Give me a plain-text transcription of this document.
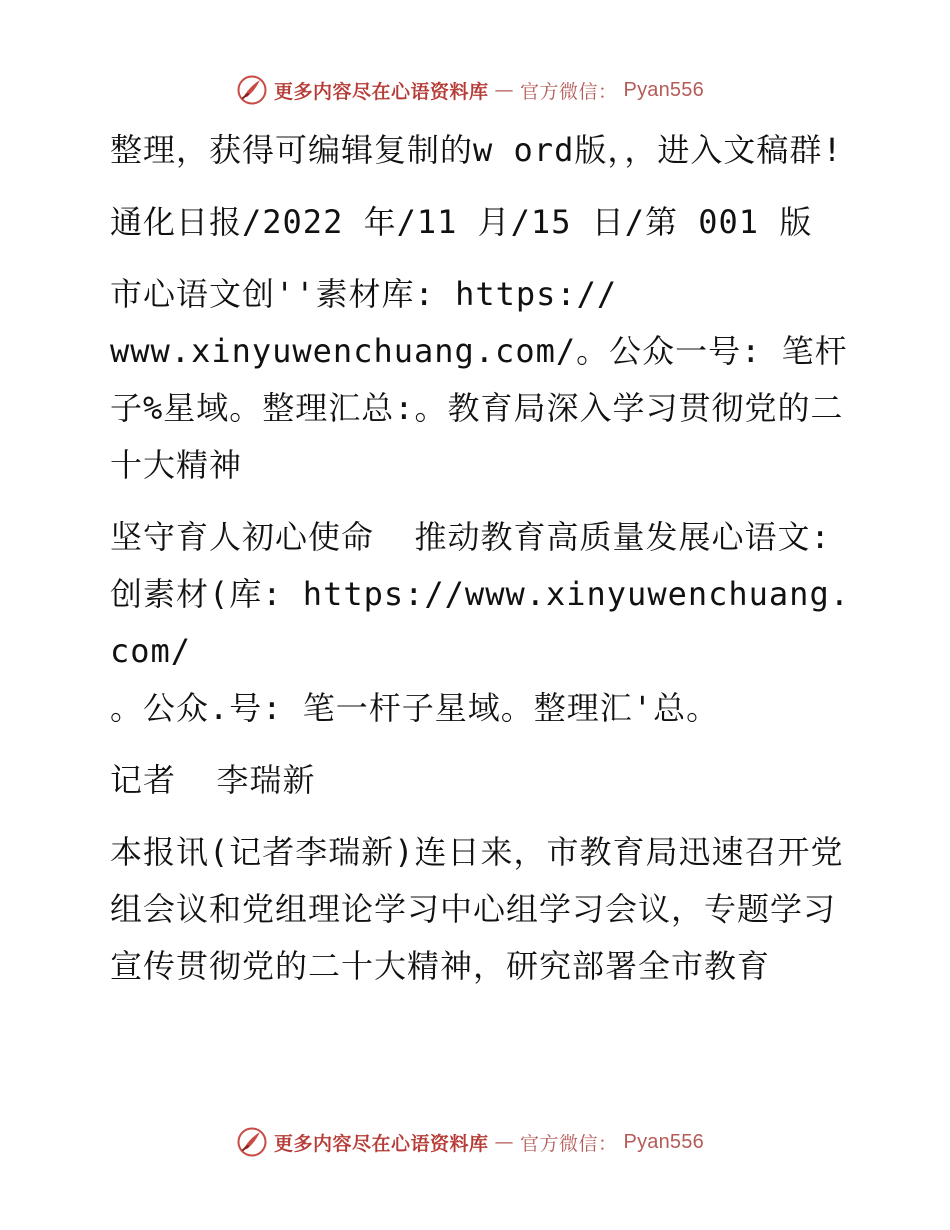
更多内容尽在心语资料库 — 官方微信： Pyan556

整理，获得可编辑复制的w ord版，，进入文稿群!

通化日报/2022 年/11 月/15 日/第 001 版

市心语文创''素材库: https://
www.xinyuwenchuang.com/。公众一号: 笔杆子%星域。整理汇总:。教育局深入学习贯彻党的二十大精神

坚守育人初心使命  推动教育高质量发展心语文:
创素材(库: https://www.xinyuwenchuang.com/
。公众.号: 笔一杆子星域。整理汇'总。

记者  李瑞新

本报讯(记者李瑞新)连日来，市教育局迅速召开党组会议和党组理论学习中心组学习会议，专题学习宣传贯彻党的二十大精神，研究部署全市教育

更多内容尽在心语资料库 — 官方微信： Pyan556
